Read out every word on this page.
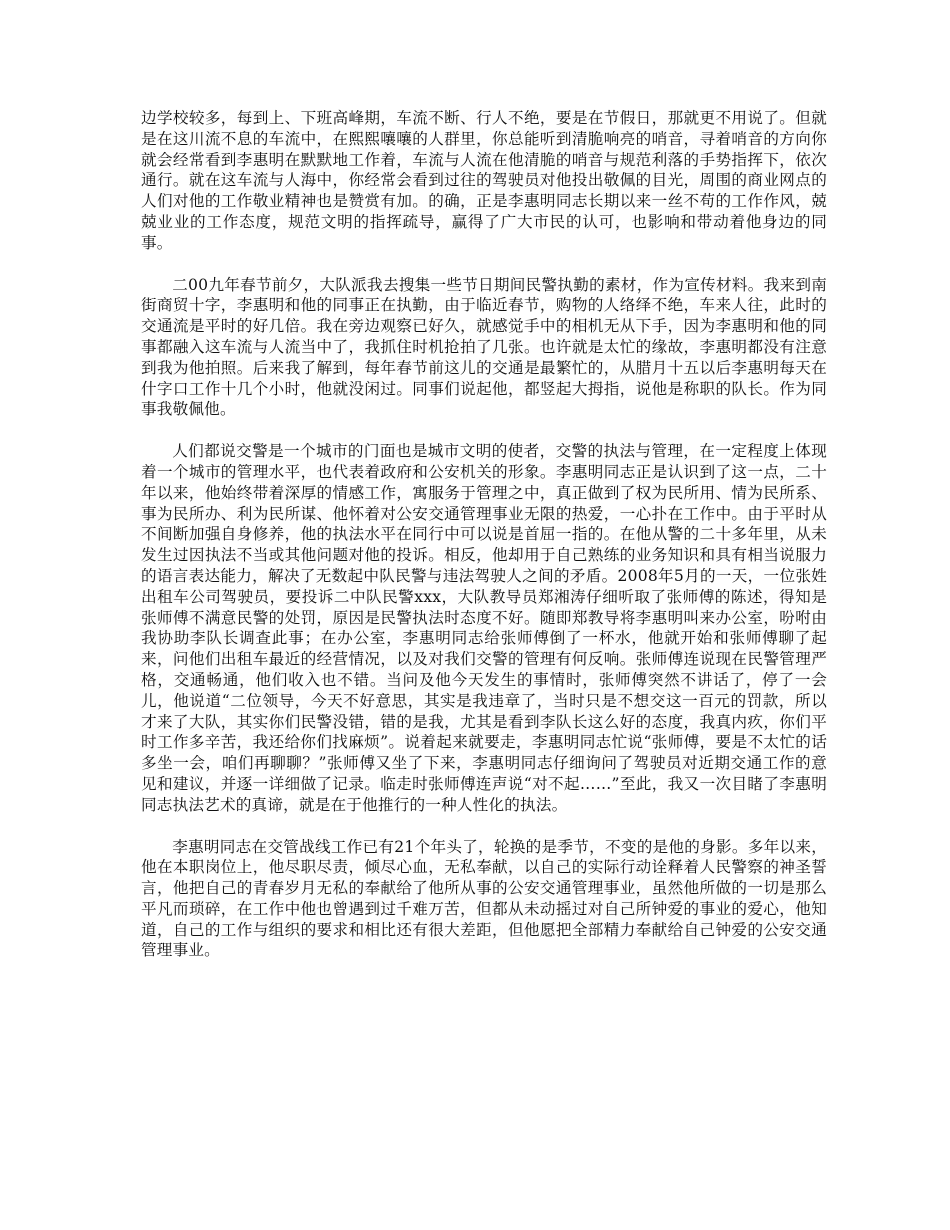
边学校较多，每到上、下班高峰期，车流不断、行人不绝，要是在节假日，那就更不用说了。但就是在这川流不息的车流中，在熙熙嚷嚷的人群里，你总能听到清脆响亮的哨音，寻着哨音的方向你就会经常看到李惠明在默默地工作着，车流与人流在他清脆的哨音与规范利落的手势指挥下，依次通行。就在这车流与人海中，你经常会看到过往的驾驶员对他投出敬佩的目光，周围的商业网点的人们对他的工作敬业精神也是赞赏有加。的确，正是李惠明同志长期以来一丝不苟的工作作风，兢兢业业的工作态度，规范文明的指挥疏导，赢得了广大市民的认可，也影响和带动着他身边的同事。

二00九年春节前夕，大队派我去搜集一些节日期间民警执勤的素材，作为宣传材料。我来到南街商贸十字，李惠明和他的同事正在执勤，由于临近春节，购物的人络绎不绝，车来人往，此时的交通流是平时的好几倍。我在旁边观察已好久，就感觉手中的相机无从下手，因为李惠明和他的同事都融入这车流与人流当中了，我抓住时机抢拍了几张。也许就是太忙的缘故，李惠明都没有注意到我为他拍照。后来我了解到，每年春节前这儿的交通是最繁忙的，从腊月十五以后李惠明每天在什字口工作十几个小时，他就没闲过。同事们说起他，都竖起大拇指，说他是称职的队长。作为同事我敬佩他。

人们都说交警是一个城市的门面也是城市文明的使者，交警的执法与管理，在一定程度上体现着一个城市的管理水平，也代表着政府和公安机关的形象。李惠明同志正是认识到了这一点，二十年以来，他始终带着深厚的情感工作，寓服务于管理之中，真正做到了权为民所用、情为民所系、事为民所办、利为民所谋、他怀着对公安交通管理事业无限的热爱，一心扑在工作中。由于平时从不间断加强自身修养，他的执法水平在同行中可以说是首屈一指的。在他从警的二十多年里，从未发生过因执法不当或其他问题对他的投诉。相反，他却用于自己熟练的业务知识和具有相当说服力的语言表达能力，解决了无数起中队民警与违法驾驶人之间的矛盾。2008年5月的一天，一位张姓出租车公司驾驶员，要投诉二中队民警xxx，大队教导员郑湘涛仔细听取了张师傅的陈述，得知是张师傅不满意民警的处罚，原因是民警执法时态度不好。随即郑教导将李惠明叫来办公室，吩咐由我协助李队长调查此事；在办公室，李惠明同志给张师傅倒了一杯水，他就开始和张师傅聊了起来，问他们出租车最近的经营情况，以及对我们交警的管理有何反响。张师傅连说现在民警管理严格，交通畅通，他们收入也不错。当问及他今天发生的事情时，张师傅突然不讲话了，停了一会儿，他说道“二位领导，今天不好意思，其实是我违章了，当时只是不想交这一百元的罚款，所以才来了大队，其实你们民警没错，错的是我，尤其是看到李队长这么好的态度，我真内疚，你们平时工作多辛苦，我还给你们找麻烦”。说着起来就要走，李惠明同志忙说“张师傅，要是不太忙的话多坐一会，咱们再聊聊？”张师傅又坐了下来，李惠明同志仔细询问了驾驶员对近期交通工作的意见和建议，并逐一详细做了记录。临走时张师傅连声说“对不起……”至此，我又一次目睹了李惠明同志执法艺术的真谛，就是在于他推行的一种人性化的执法。

李惠明同志在交管战线工作已有21个年头了，轮换的是季节，不变的是他的身影。多年以来，他在本职岗位上，他尽职尽责，倾尽心血，无私奉献，以自己的实际行动诠释着人民警察的神圣誓言，他把自己的青春岁月无私的奉献给了他所从事的公安交通管理事业，虽然他所做的一切是那么平凡而琐碎，在工作中他也曾遇到过千难万苦，但都从未动摇过对自己所钟爱的事业的爱心，他知道，自己的工作与组织的要求和相比还有很大差距，但他愿把全部精力奉献给自己钟爱的公安交通管理事业。
